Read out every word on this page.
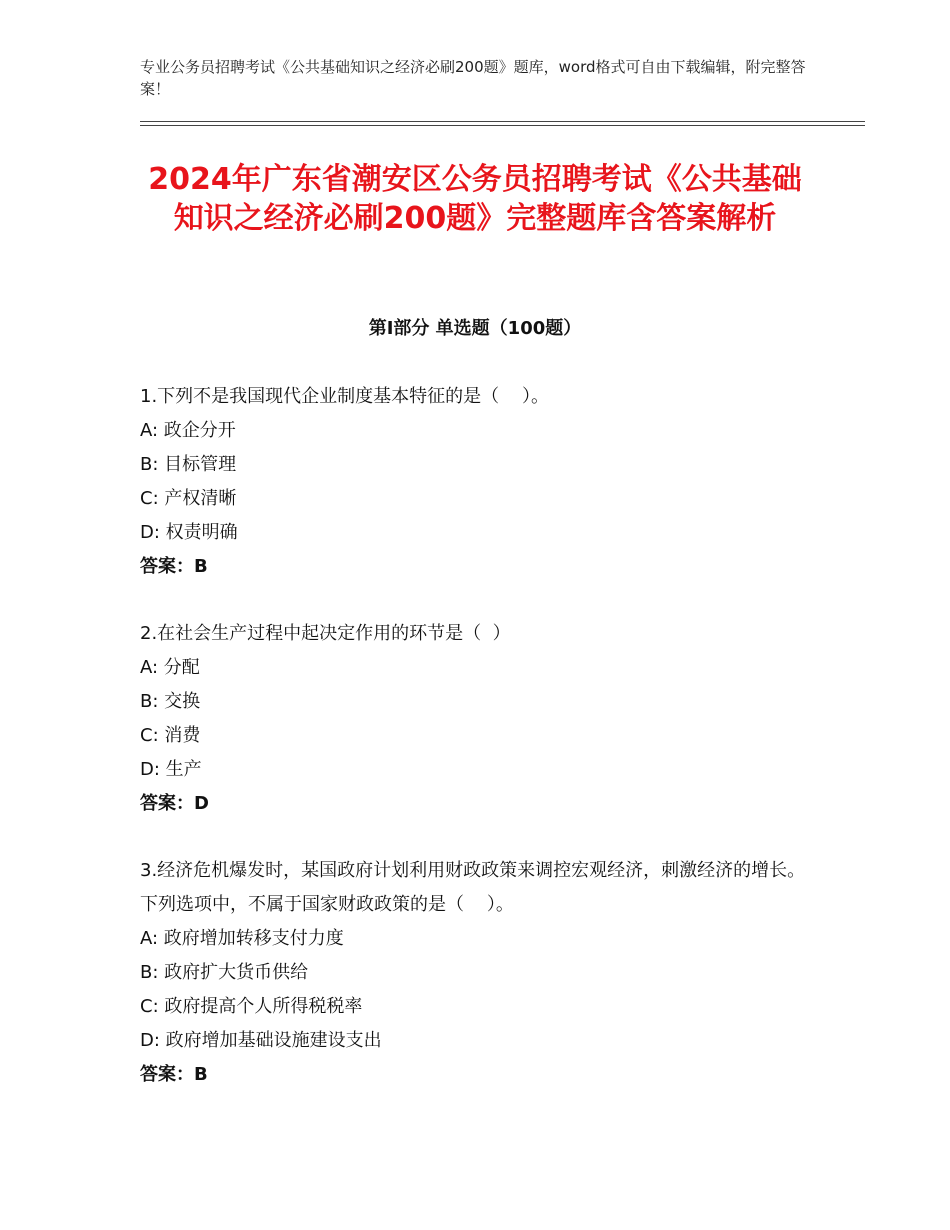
专业公务员招聘考试《公共基础知识之经济必刷200题》题库，word格式可自由下载编辑，附完整答案！
2024年广东省潮安区公务员招聘考试《公共基础知识之经济必刷200题》完整题库含答案解析
第Ⅰ部分 单选题（100题）

1.下列不是我国现代企业制度基本特征的是（    ）。

A: 政企分开

B: 目标管理

C: 产权清晰

D: 权责明确

答案：B

2.在社会生产过程中起决定作用的环节是（  ）

A: 分配

B: 交换

C: 消费

D: 生产

答案：D

3.经济危机爆发时，某国政府计划利用财政政策来调控宏观经济，刺激经济的增长。下列选项中，不属于国家财政政策的是（    ）。

A: 政府增加转移支付力度

B: 政府扩大货币供给

C: 政府提高个人所得税税率

D: 政府增加基础设施建设支出

答案：B
